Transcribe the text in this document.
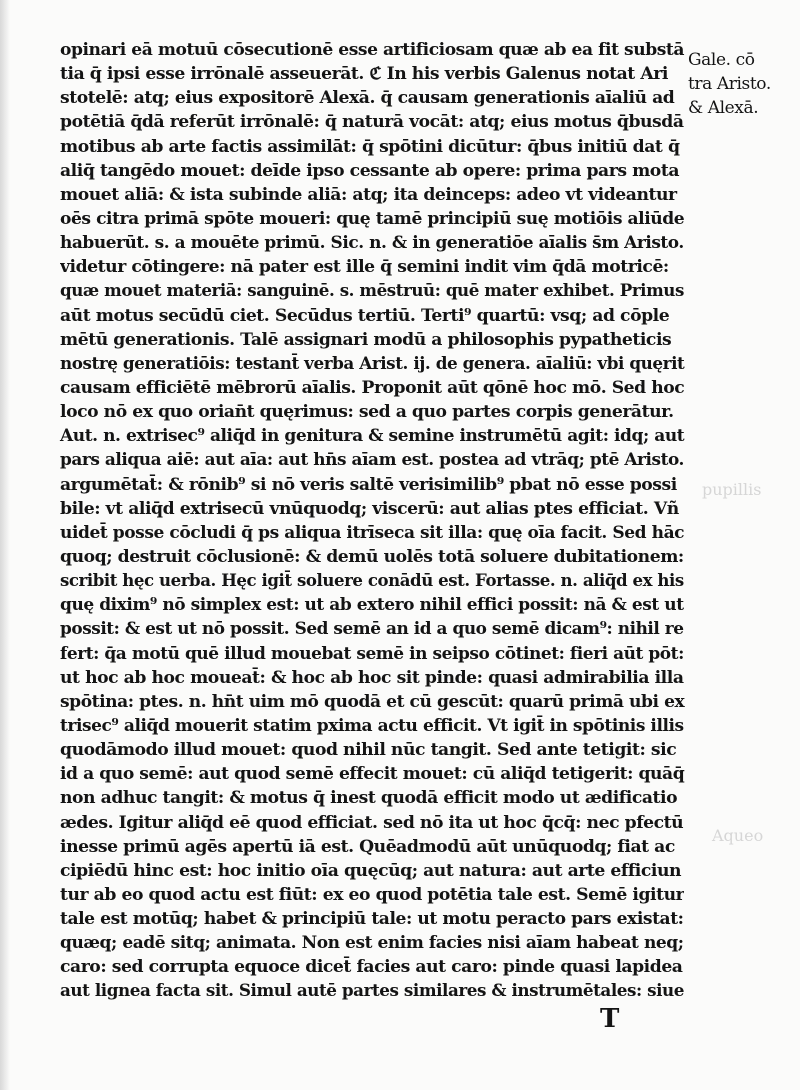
opinari eā motuū cōsecutionē esse artificiosam quæ ab ea fit substā
tia q̄ ipsi esse irrōnalē asseuerāt. ℭ In his verbis Galenus notat Ari
stotelē: atq; eius expositorē Alexā. q̄ causam generationis aīaliū ad
potētiā q̄dā referūt irrōnalē: q̄ naturā vocāt: atq; eius motus q̄busdā
motibus ab arte factis assimilāt: q̄ spōtini dicūtur: q̄bus initiū dat q̄
aliq̄ tangēdo mouet: deīde ipso cessante ab opere: prima pars mota
mouet aliā: & ista subinde aliā: atq; ita deinceps: adeo vt videantur
oēs citra primā spōte moueri: quę tamē principiū suę motiōis aliūde
habuerūt. s. a mouēte primū. Sic. n. & in generatiōe aīalis s̄m Aristo.
videtur cōtingere: nā pater est ille q̄ semini indit vim q̄dā motricē:
quæ mouet materiā: sanguinē. s. mēstruū: quē mater exhibet. Primus
aūt motus secūdū ciet. Secūdus tertiū. Terti⁹ quartū: vsq; ad cōple
mētū generationis. Talē assignari modū a philosophis pypatheticis
nostrę generatiōis: testant̄ verba Arist. ij. de genera. aīaliū: vbi quęrit
causam efficiētē mēbrorū aīalis. Proponit aūt qōnē hoc mō. Sed hoc
loco nō ex quo orian̄t quęrimus: sed a quo partes corpis generātur.
Aut. n. extrisec⁹ aliq̄d in genitura & semine instrumētū agit: idq; aut
pars aliqua aiē: aut aīa: aut hn̄s aīam est. postea ad vtrāq; ptē Aristo.
argumētat̄: & rōnib⁹ si nō veris saltē verisimilib⁹ pbat nō esse possi
bile: vt aliq̄d extrisecū vnūquodq; viscerū: aut alias ptes efficiat. Vñ
uidet̄ posse cōcludi q̄ ps aliqua itrīseca sit illa: quę oīa facit. Sed hāc
quoq; destruit cōclusionē: & demū uolēs totā soluere dubitationem:
scribit hęc uerba. Hęc igit̄ soluere conādū est. Fortasse. n. aliq̄d ex his
quę dixim⁹ nō simplex est: ut ab extero nihil effici possit: nā & est ut
possit: & est ut nō possit. Sed semē an id a quo semē dicam⁹: nihil re
fert: q̄a motū quē illud mouebat semē in seipso cōtinet: fieri aūt pōt:
ut hoc ab hoc moueat̄: & hoc ab hoc sit pinde: quasi admirabilia illa
spōtina: ptes. n. hn̄t uim mō quodā et cū gescūt: quarū primā ubi ex
trisec⁹ aliq̄d mouerit statim pxima actu efficit. Vt igit̄ in spōtinis illis
quodāmodo illud mouet: quod nihil nūc tangit. Sed ante tetigit: sic
id a quo semē: aut quod semē effecit mouet: cū aliq̄d tetigerit: quāq̄
non adhuc tangit: & motus q̄ inest quodā efficit modo ut ædificatio
ædes. Igitur aliq̄d eē quod efficiat. sed nō ita ut hoc q̄cq̄: nec pfectū
inesse primū agēs apertū iā est. Quēadmodū aūt unūquodq; fiat ac
cipiēdū hinc est: hoc initio oīa quęcūq; aut natura: aut arte efficiun
tur ab eo quod actu est fiūt: ex eo quod potētia tale est. Semē igitur
tale est motūq; habet & principiū tale: ut motu peracto pars existat:
quæq; eadē sitq; animata. Non est enim facies nisi aīam habeat neq;
caro: sed corrupta equoce dicet̄ facies aut caro: pinde quasi lapidea
aut lignea facta sit. Simul autē partes similares & instrumētales: siue
Gale. cō
tra Aristo.
& Alexā.
pupillis
Aqueo
T
